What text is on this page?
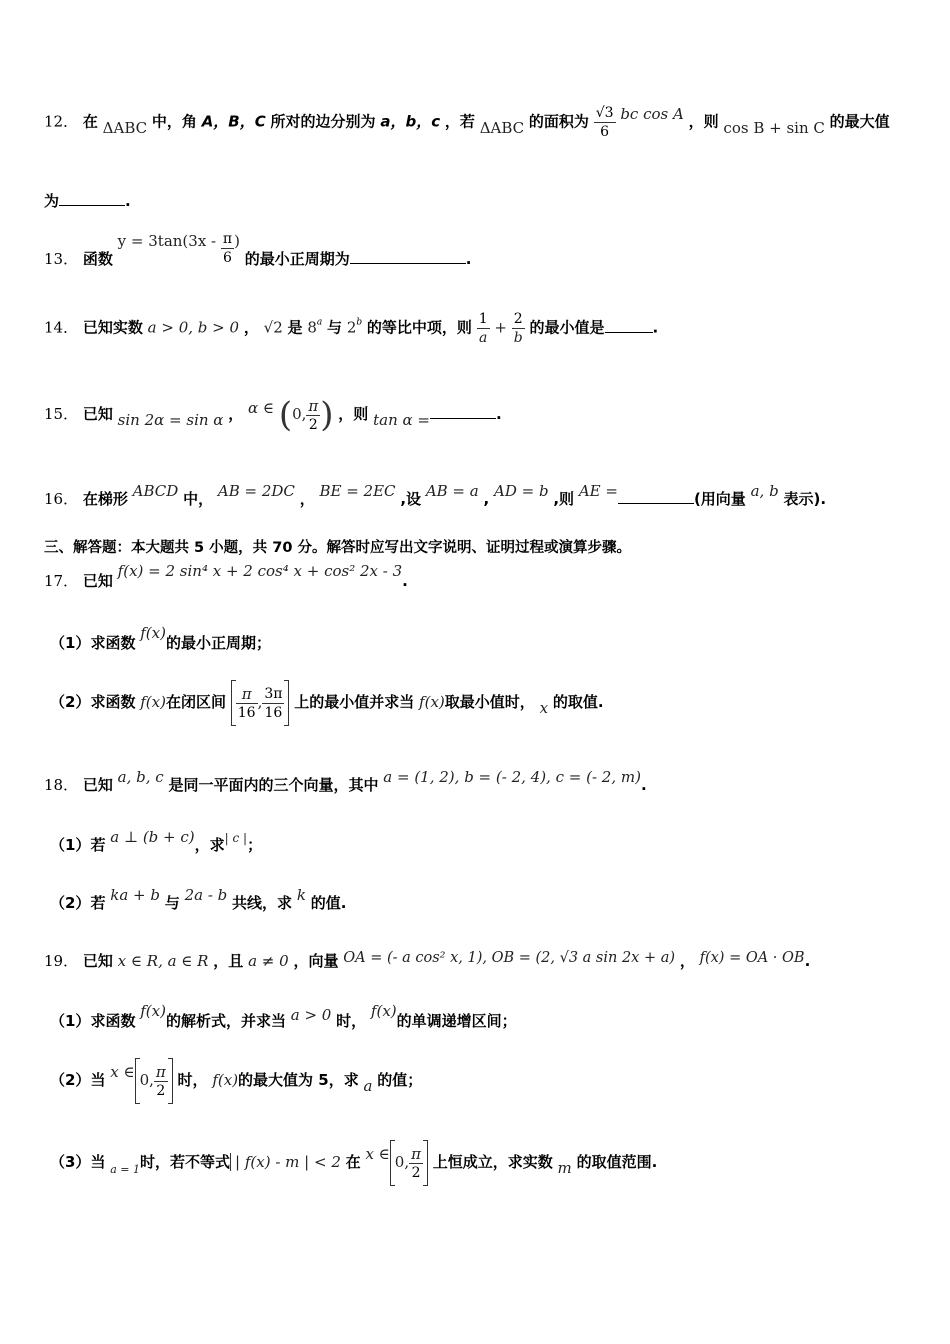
12． 在 ΔABC 中，角 A，B，C 所对的边分别为 a，b，c ，若 ΔABC 的面积为 $\frac{√3}{6}$ bc cos A ，则 cos B + sin C 的最大值
为	.
13． 函数 $y = 3\tan(3x - \frac{\pi}{6}$ ) 的最小正周期为	.
14． 已知实数 a > 0, b > 0 ， √2 是 8$^a$ 与 2$^b$ 的等比中项，则 $\frac{1}{a} + \frac{2}{b}$ 的最小值是	.
15． 已知 sin 2α = sin α ， α ∈ (0, $\frac{\pi}{2}$ ) ，则 tan α =	.
16． 在梯形 ABCD 中， AB = 2DC ， BE = 2EC ,设 AB = a , AD = b ,则 AE =	(用向量 a, b 表示).
三、解答题：本大题共 5 小题，共 70 分。解答时应写出文字说明、证明过程或演算步骤。
17． 已知 f(x) = 2 sin⁴ x + 2 cos⁴ x + cos² 2x - 3.
（1）求函数 f(x)的最小正周期；
（2）求函数 f(x)在闭区间 $\frac{\pi}{16}$ , $\frac{3\pi}{16}$ 上的最小值并求当 f(x)取最小值时， x 的取值.
18． 已知 a, b, c 是同一平面内的三个向量，其中 a = (1, 2), b = (- 2, 4), c = (- 2, m).
（1）若 a ⊥ (b + c)，求| c |；
（2）若 ka + b 与 2a - b 共线，求 k 的值.
19． 已知 x ∈ R, a ∈ R ，且 a ≠ 0 ，向量 OA = (- a cos² x, 1), OB = (2, √3 a sin 2x + a) ， f(x) = OA · OB.
（1）求函数 f(x)的解析式，并求当 a > 0 时， f(x)的单调递增区间；
（2）当 x ∈ 0, $\frac{\pi}{2}$ 时， f(x)的最大值为 5，求 a 的值；
（3）当 $_{a = 1}$时，若不等式 | f(x) - m | < 2 在 x ∈ 0, $\frac{\pi}{2}$ 上恒成立，求实数 m 的取值范围.
